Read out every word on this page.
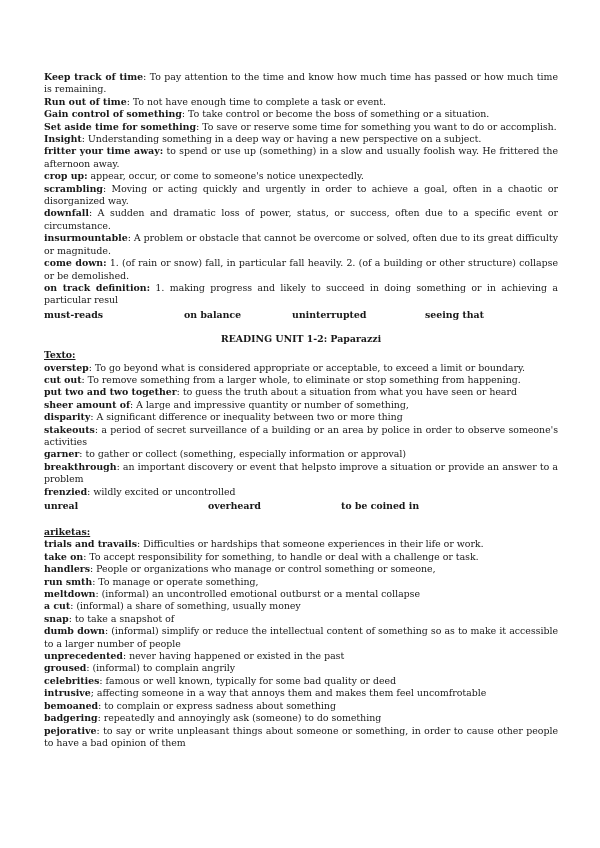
Keep track of time: To pay attention to the time and know how much time has passed or how much time is remaining.

Run out of time: To not have enough time to complete a task or event.

Gain control of something: To take control or become the boss of something or a situation.

Set aside time for something: To save or reserve some time for something you want to do or accomplish.

Insight: Understanding something in a deep way or having a new perspective on a subject.

fritter your time away: to spend or use up (something) in a slow and usually foolish way. He frittered the afternoon away.

crop up: appear, occur, or come to someone's notice unexpectedly.

scrambling: Moving or acting quickly and urgently in order to achieve a goal, often in a chaotic or disorganized way.

downfall: A sudden and dramatic loss of power, status, or success, often due to a specific event or circumstance.

insurmountable: A problem or obstacle that cannot be overcome or solved, often due to its great difficulty or magnitude.

come down: 1. (of rain or snow) fall, in particular fall heavily. 2. (of a building or other structure) collapse or be demolished.

on track definition: 1. making progress and likely to succeed in doing something or in achieving a particular resul

must-reads	on balance	uninterrupted	seeing that
READING UNIT 1-2: Paparazzi
Texto:

overstep: To go beyond what is considered appropriate or acceptable, to exceed a limit or boundary.

cut out: To remove something from a larger whole, to eliminate or stop something from happening.

put two and two together: to guess the truth about a situation from what you have seen or heard

sheer amount of: A large and impressive quantity or number of something,

disparity: A significant difference or inequality between two or more thing

stakeouts: a period of secret surveillance of a building or an area by police in order to observe someone's activities

garner: to gather or collect (something, especially information or approval)

breakthrough: an important discovery or event that helpsto improve a situation or provide an answer to a problem

frenzied: wildly excited or uncontrolled

unreal	overheard	to be coined in
ariketas:

trials and travails: Difficulties or hardships that someone experiences in their life or work.

take on: To accept responsibility for something, to handle or deal with a challenge or task.

handlers: People or organizations who manage or control something or someone,

run smth: To manage or operate something,

meltdown: (informal) an uncontrolled emotional outburst or a mental collapse

a cut: (informal) a share of something, usually money

snap: to take a snapshot of

dumb down: (informal) simplify or reduce the intellectual content of something so as to make it accessible to a larger number of people

unprecedented: never having happened or existed in the past

groused: (informal) to complain angrily

celebrities: famous or well known, typically for some bad quality or deed

intrusive; affecting someone in a way that annoys them and makes them feel uncomfrotable

bemoaned: to complain or express sadness about something

badgering: repeatedly and annoyingly ask (someone) to do something

pejorative: to say or write unpleasant things about someone or something, in order to cause other people to have a bad opinion of them
